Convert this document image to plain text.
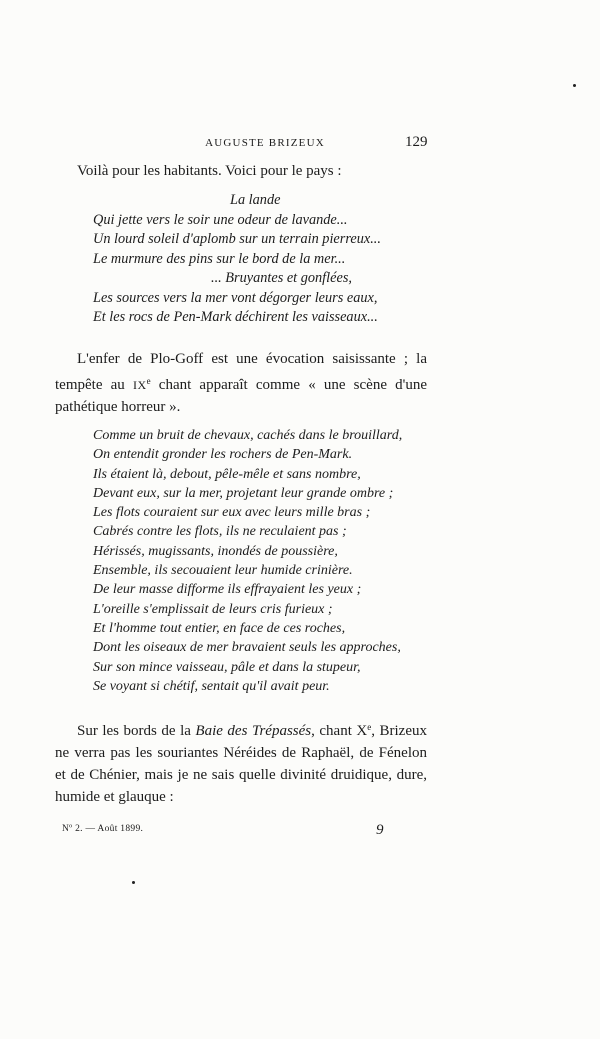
AUGUSTE BRIZEUX	129

Voilà pour les habitants. Voici pour le pays :

La lande
Qui jette vers le soir une odeur de lavande...
Un lourd soleil d'aplomb sur un terrain pierreux...
Le murmure des pins sur le bord de la mer...
... Bruyantes et gonflées,
Les sources vers la mer vont dégorger leurs eaux,
Et les rocs de Pen-Mark déchirent les vaisseaux...

L'enfer de Plo-Goff est une évocation saisissante ; la tempête au IXe chant apparaît comme « une scène d'une pathétique horreur ».

Comme un bruit de chevaux, cachés dans le brouillard,
On entendit gronder les rochers de Pen-Mark.
Ils étaient là, debout, pêle-mêle et sans nombre,
Devant eux, sur la mer, projetant leur grande ombre ;
Les flots couraient sur eux avec leurs mille bras ;
Cabrés contre les flots, ils ne reculaient pas ;
Hérissés, mugissants, inondés de poussière,
Ensemble, ils secouaient leur humide crinière.
De leur masse difforme ils effrayaient les yeux ;
L'oreille s'emplissait de leurs cris furieux ;
Et l'homme tout entier, en face de ces roches,
Dont les oiseaux de mer bravaient seuls les approches,
Sur son mince vaisseau, pâle et dans la stupeur,
Se voyant si chétif, sentait qu'il avait peur.

Sur les bords de la Baie des Trépassés, chant Xe, Brizeux ne verra pas les souriantes Néréides de Raphaël, de Fénelon et de Chénier, mais je ne sais quelle divinité druidique, dure, humide et glauque :

Nº 2. — Août 1899.	9
